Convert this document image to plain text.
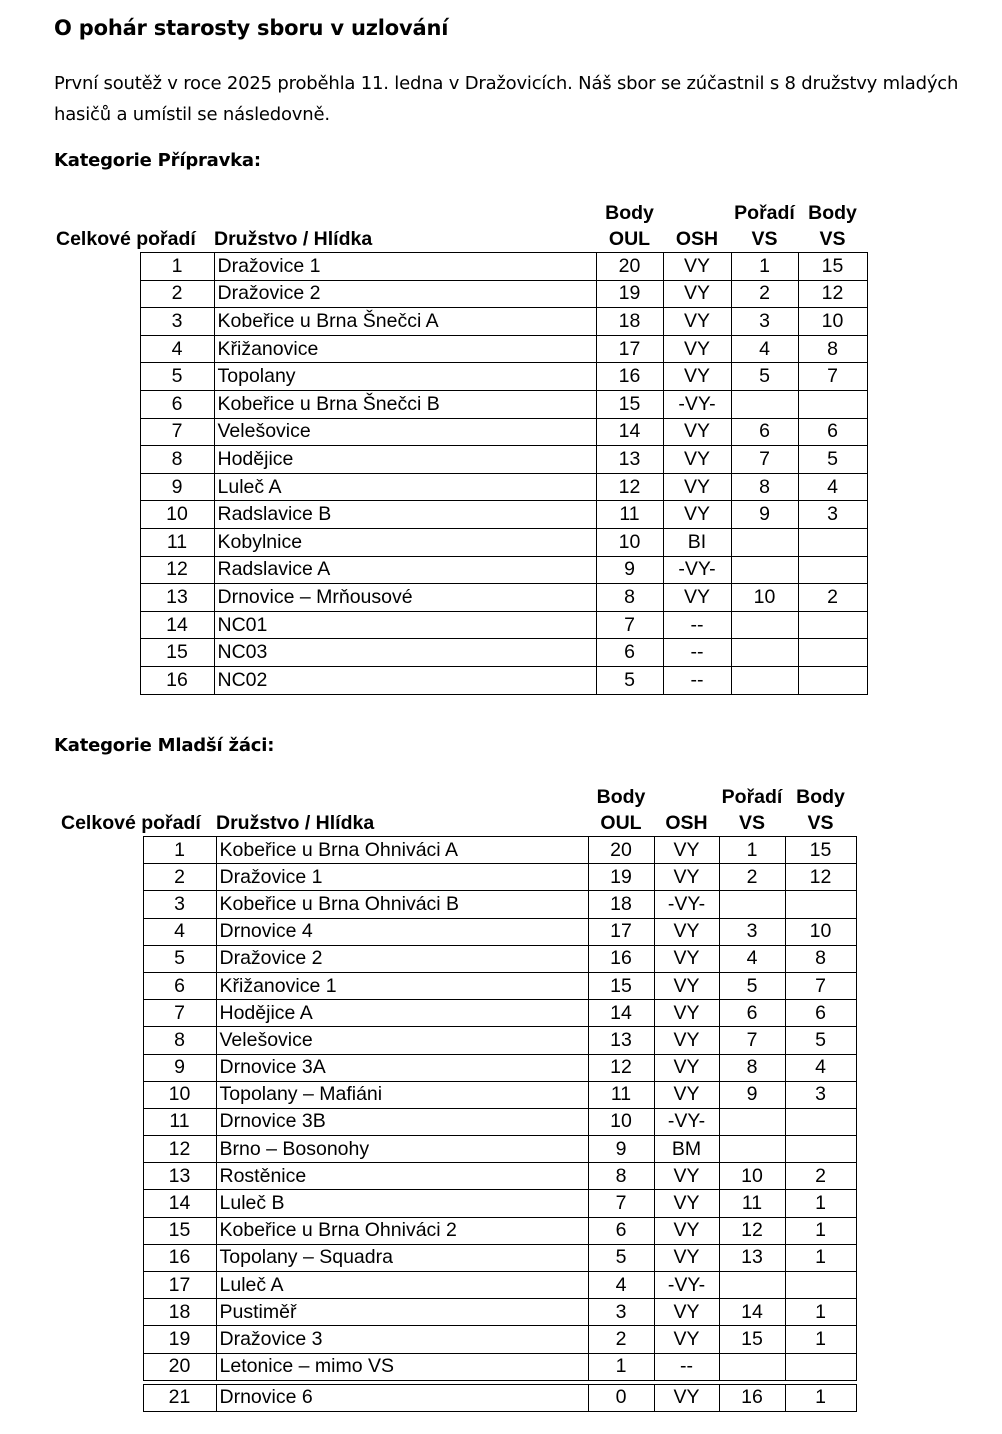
O pohár starosty sboru v uzlování
První soutěž v roce 2025 proběhla 11. ledna v Dražovicích. Náš sbor se zúčastnil s 8 družstvy mladých hasičů a umístil se následovně.
Kategorie Přípravka:
			Body		Pořadí	Body
Celkové pořadí		Družstvo / Hlídka	OUL	OSH	VS	VS
	1	Dražovice 1	20	VY	1	15
	2	Dražovice 2	19	VY	2	12
	3	Kobeřice u Brna Šnečci A	18	VY	3	10
	4	Křižanovice	17	VY	4	8
	5	Topolany	16	VY	5	7
	6	Kobeřice u Brna Šnečci B	15	-VY-		
	7	Velešovice	14	VY	6	6
	8	Hodějice	13	VY	7	5
	9	Luleč A	12	VY	8	4
	10	Radslavice B	11	VY	9	3
	11	Kobylnice	10	BI		
	12	Radslavice A	9	-VY-		
	13	Drnovice – Mrňousové	8	VY	10	2
	14	NC01	7	--		
	15	NC03	6	--		
	16	NC02	5	--		
Kategorie Mladší žáci:
			Body		Pořadí	Body
Celkové pořadí		Družstvo / Hlídka	OUL	OSH	VS	VS
	1	Kobeřice u Brna Ohniváci A	20	VY	1	15
	2	Dražovice 1	19	VY	2	12
	3	Kobeřice u Brna Ohniváci B	18	-VY-		
	4	Drnovice 4	17	VY	3	10
	5	Dražovice 2	16	VY	4	8
	6	Křižanovice 1	15	VY	5	7
	7	Hodějice A	14	VY	6	6
	8	Velešovice	13	VY	7	5
	9	Drnovice 3A	12	VY	8	4
	10	Topolany – Mafiáni	11	VY	9	3
	11	Drnovice 3B	10	-VY-		
	12	Brno – Bosonohy	9	BM		
	13	Rostěnice	8	VY	10	2
	14	Luleč B	7	VY	11	1
	15	Kobeřice u Brna Ohniváci 2	6	VY	12	1
	16	Topolany – Squadra	5	VY	13	1
	17	Luleč A	4	-VY-		
	18	Pustiměř	3	VY	14	1
	19	Dražovice 3	2	VY	15	1
	20	Letonice – mimo VS	1	--		

	21	Drnovice 6	0	VY	16	1
